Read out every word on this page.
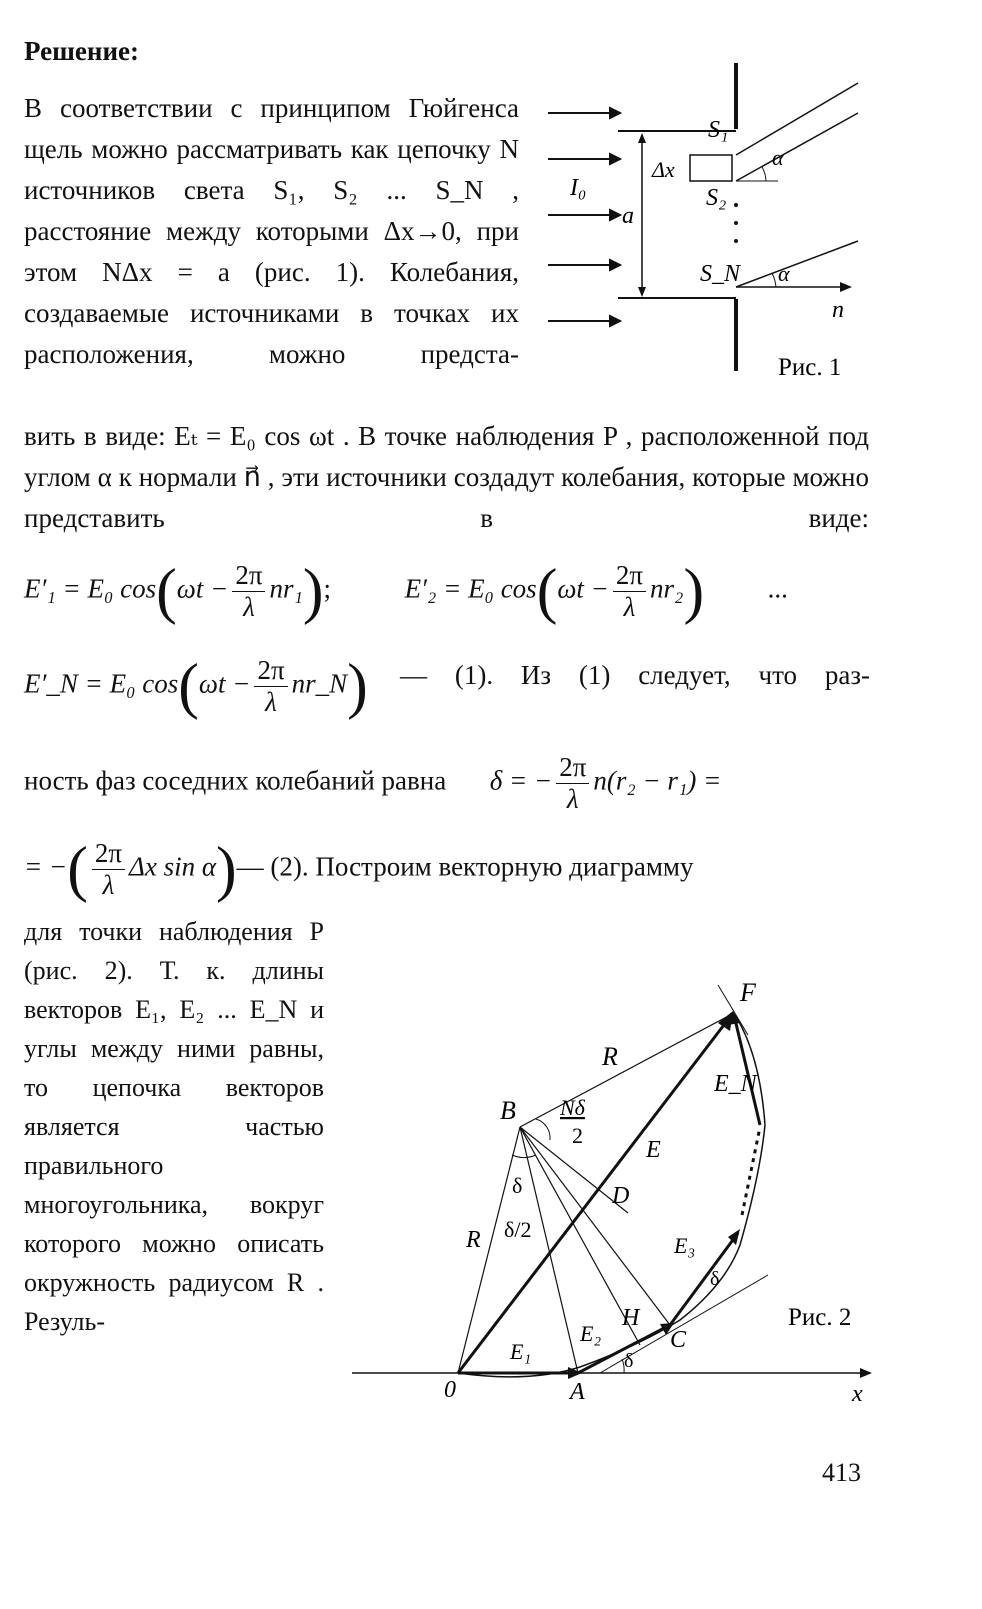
Решение:
В соответствии с принципом Гюйгенса щель можно рассматривать как цепочку N источников света S₁, S₂ ... S_N , расстояние между которыми Δx→0, при этом NΔx = a (рис. 1). Колебания, создаваемые источниками в точках их расположения, можно предста-
вить в виде: Eₜ = E₀ cos ωt . В точке наблюдения P , расположенной под углом α к нормали n⃗ , эти источники создадут колебания, которые можно представить в виде:
S₁
Δx	α
S₂
I₀
a
S_N α
n
Рис. 1
E′₁ = E₀ $\cos(\omega t - \frac{2\pi}{\lambda} nr_1)$;	E′₂ = E₀ $\cos(\omega t - \frac{2\pi}{\lambda} nr_2)$ ...
E′_N = E₀ $\cos(\omega t - \frac{2\pi}{\lambda}$ nr_N) — (1). Из (1) следует, что раз-
ность фаз соседних колебаний равна δ = − $\frac{2\pi}{\lambda} n(r_2 - r_1)$ =
= −( $\frac{2\pi}{\lambda}$ Δx sin α)— (2). Построим векторную диаграмму
для точки наблюдения P (рис. 2). Т. к. длины векторов E₁, E₂ ... E_N и углы между ними равны, то цепочка векторов является частью правильного многоугольника, вокруг которого можно описать окружность радиусом R . Резуль-
F
R
B Nδ
2
E_N
E
D
δ
δ/2
R	E₃
δ
H
E₂	C
E₁	δ
0	A	x
Рис. 2
413
